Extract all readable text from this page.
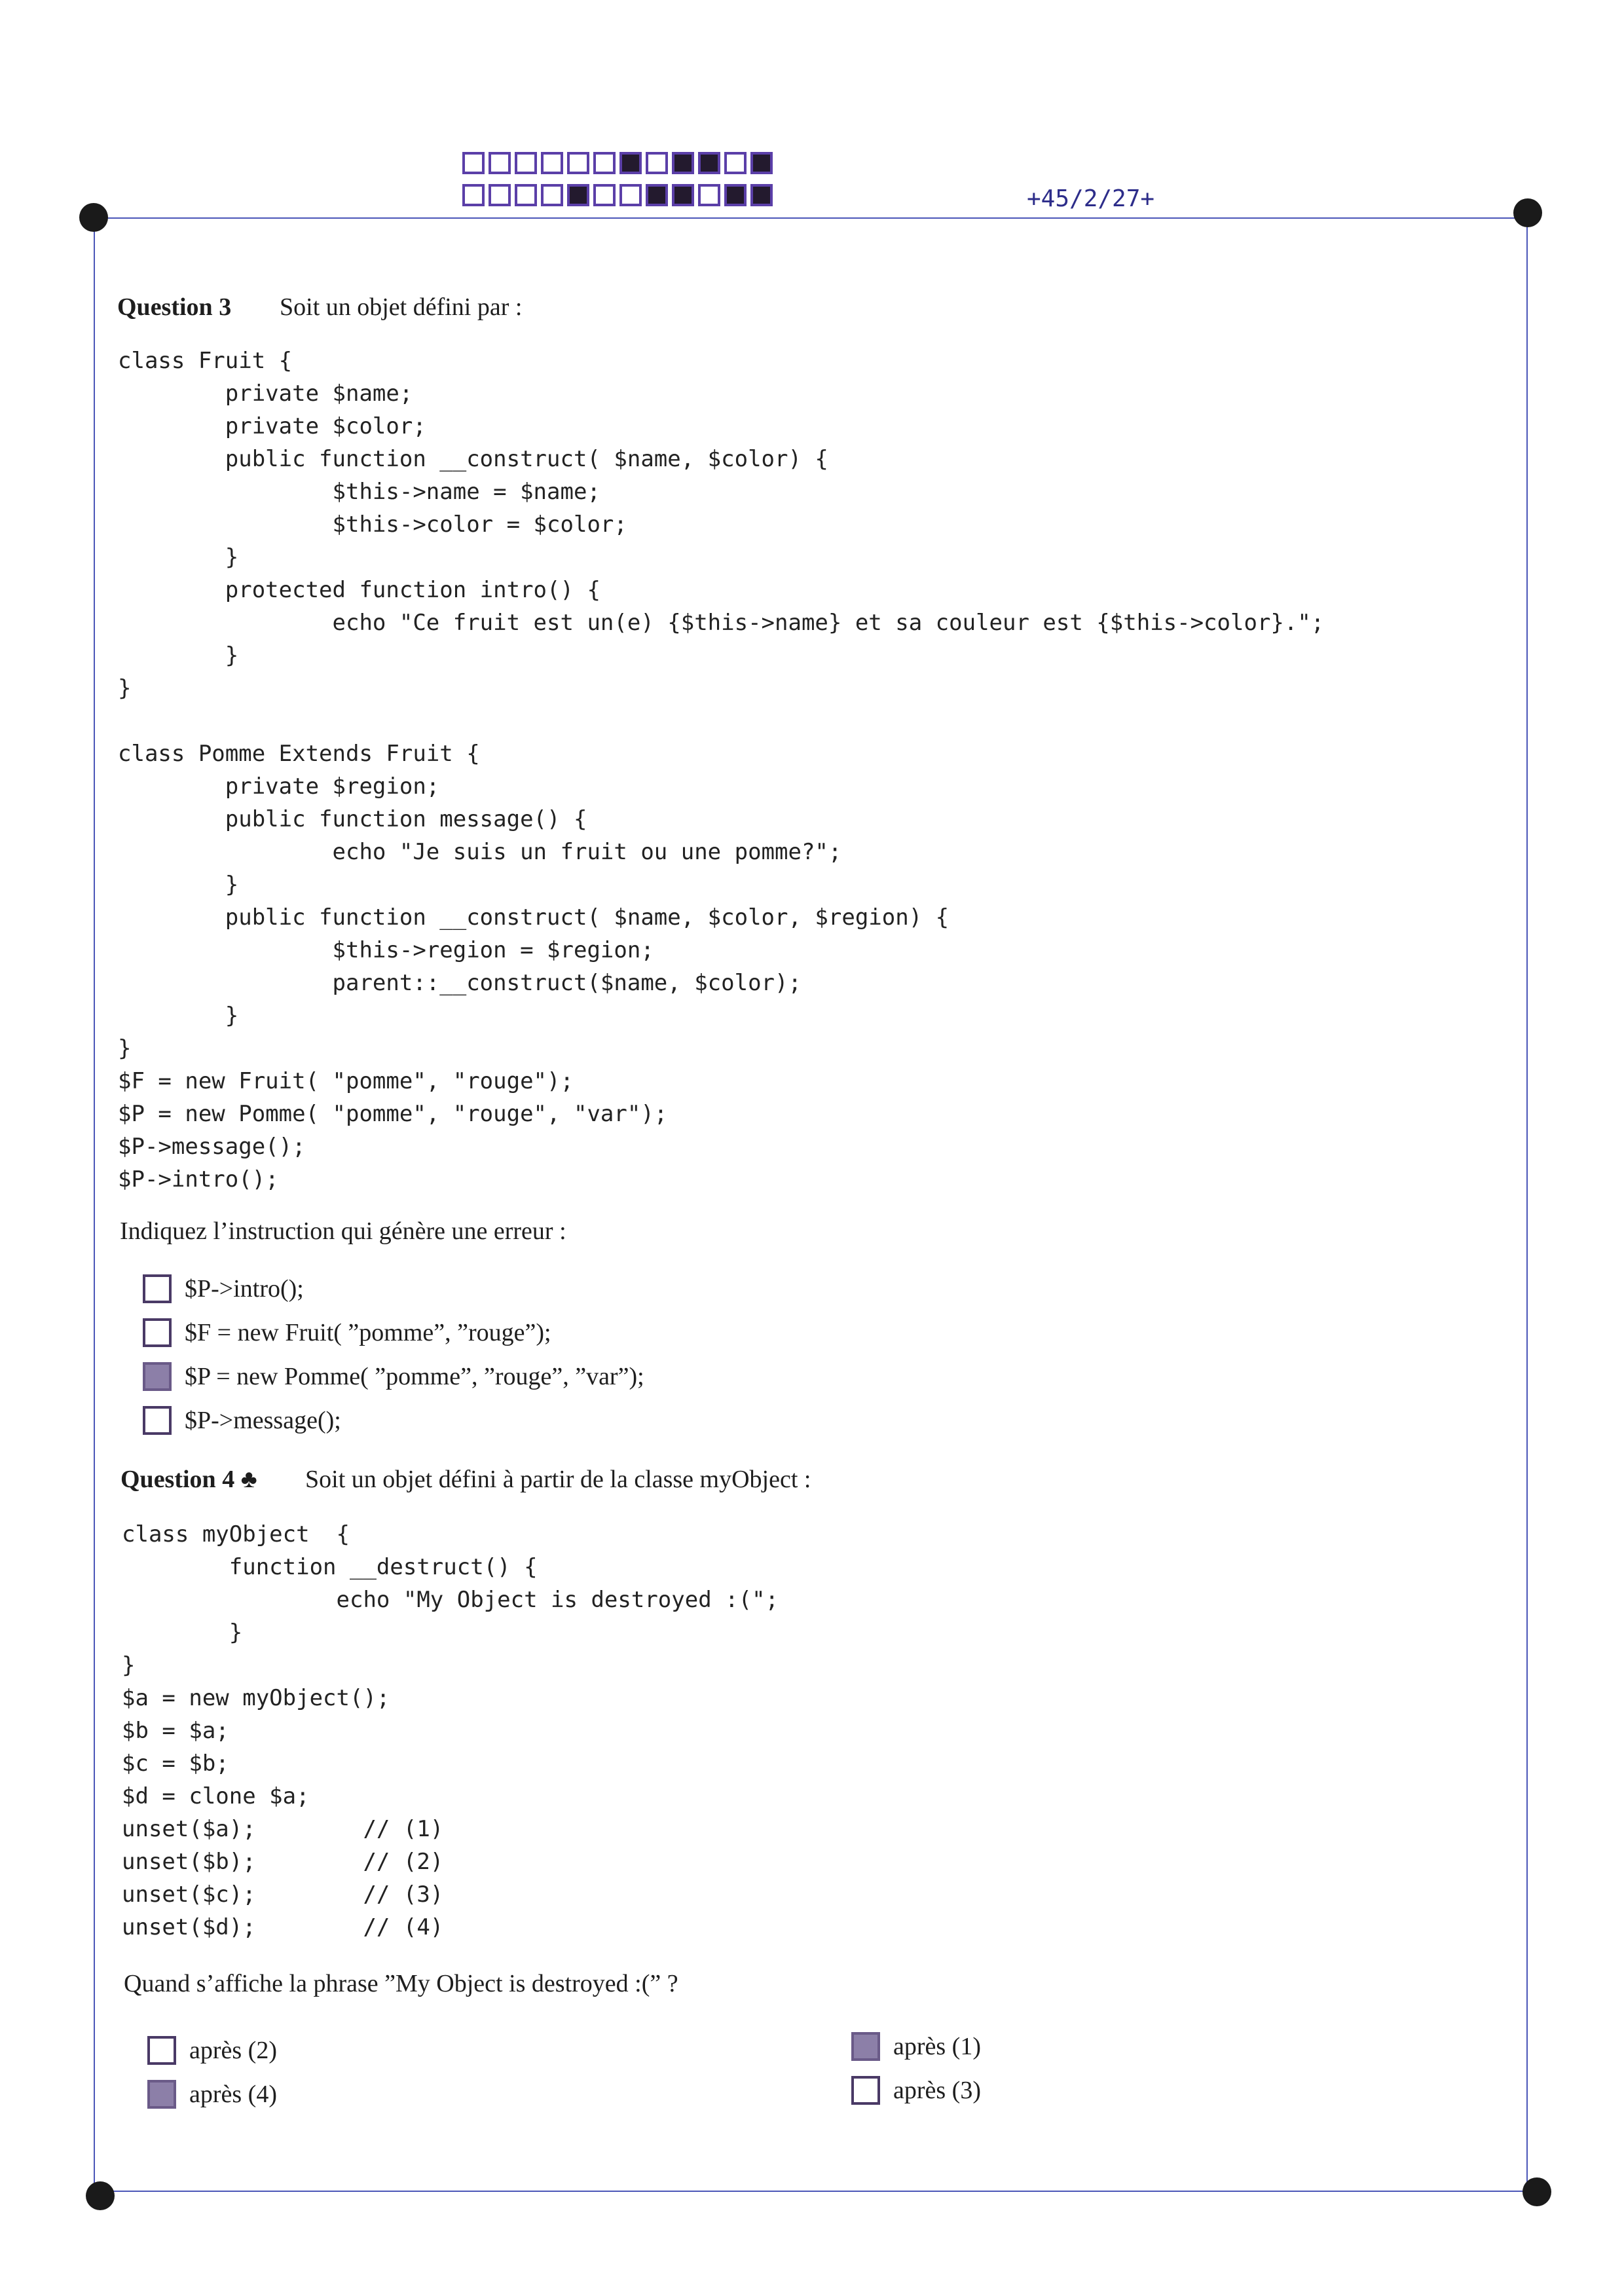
+45/2/27+
Question 3 Soit un objet défini par :
class Fruit {
private $name;
private $color;
public function __construct( $name, $color) {
$this->name = $name;
$this->color = $color;
}
protected function intro() {
echo "Ce fruit est un(e) {$this->name} et sa couleur est {$this->color}.";
}
}

class Pomme Extends Fruit {
private $region;
public function message() {
echo "Je suis un fruit ou une pomme?";
}
public function __construct( $name, $color, $region) {
$this->region = $region;
parent::__construct($name, $color);
}
}
$F = new Fruit( "pomme", "rouge");
$P = new Pomme( "pomme", "rouge", "var");
$P->message();
$P->intro();
Indiquez l’instruction qui génère une erreur :
$P->intro();
$F = new Fruit( ”pomme”, ”rouge”);
$P = new Pomme( ”pomme”, ”rouge”, ”var”);
$P->message();
Question 4 ♣ Soit un objet défini à partir de la classe myObject :
class myObject  {
function __destruct() {
echo "My Object is destroyed :(";
}
}
$a = new myObject();
$b = $a;
$c = $b;
$d = clone $a;
unset($a);        // (1)
unset($b);        // (2)
unset($c);        // (3)
unset($d);        // (4)
Quand s’affiche la phrase ”My Object is destroyed :(” ?
après (2)
après (4)
après (1)
après (3)
